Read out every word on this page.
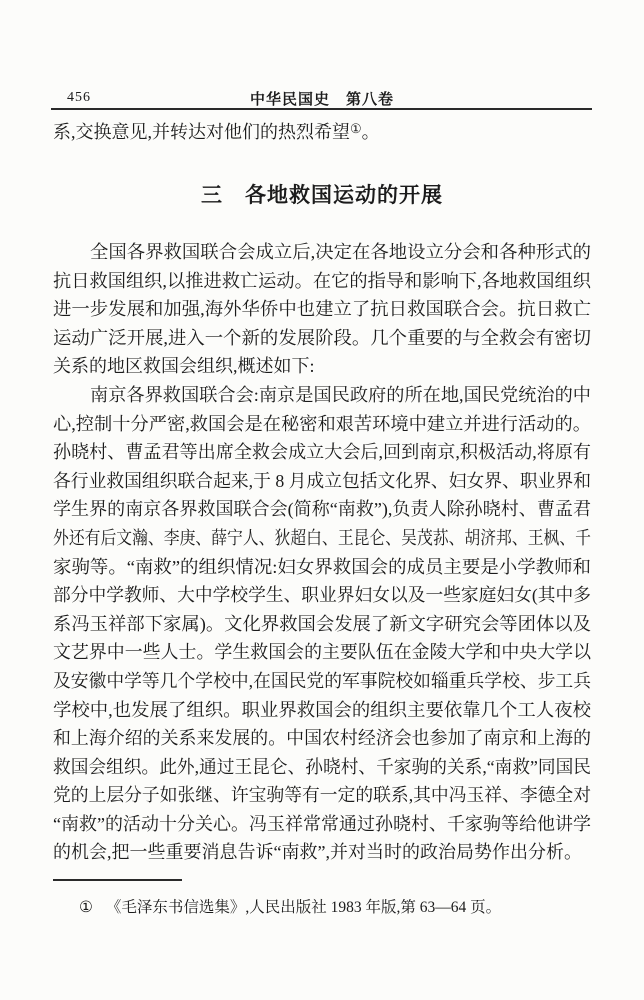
456	中华民国史　第八卷
系,交换意见,并转达对他们的热烈希望①。
三 各地救国运动的开展
全国各界救国联合会成立后,决定在各地设立分会和各种形式的
抗日救国组织,以推进救亡运动。在它的指导和影响下,各地救国组织
进一步发展和加强,海外华侨中也建立了抗日救国联合会。抗日救亡
运动广泛开展,进入一个新的发展阶段。几个重要的与全救会有密切
关系的地区救国会组织,概述如下:
南京各界救国联合会:南京是国民政府的所在地,国民党统治的中
心,控制十分严密,救国会是在秘密和艰苦环境中建立并进行活动的。
孙晓村、曹孟君等出席全救会成立大会后,回到南京,积极活动,将原有
各行业救国组织联合起来,于 8 月成立包括文化界、妇女界、职业界和
学生界的南京各界救国联合会(简称“南救”),负责人除孙晓村、曹孟君
外还有后文瀚、李庚、薛宁人、狄超白、王昆仑、吴茂荪、胡济邦、王枫、千
家驹等。“南救”的组织情况:妇女界救国会的成员主要是小学教师和
部分中学教师、大中学校学生、职业界妇女以及一些家庭妇女(其中多
系冯玉祥部下家属)。文化界救国会发展了新文字研究会等团体以及
文艺界中一些人士。学生救国会的主要队伍在金陵大学和中央大学以
及安徽中学等几个学校中,在国民党的军事院校如辎重兵学校、步工兵
学校中,也发展了组织。职业界救国会的组织主要依靠几个工人夜校
和上海介绍的关系来发展的。中国农村经济会也参加了南京和上海的
救国会组织。此外,通过王昆仑、孙晓村、千家驹的关系,“南救”同国民
党的上层分子如张继、许宝驹等有一定的联系,其中冯玉祥、李德全对
“南救”的活动十分关心。冯玉祥常常通过孙晓村、千家驹等给他讲学
的机会,把一些重要消息告诉“南救”,并对当时的政治局势作出分析。
① 《毛泽东书信选集》,人民出版社 1983 年版,第 63—64 页。
